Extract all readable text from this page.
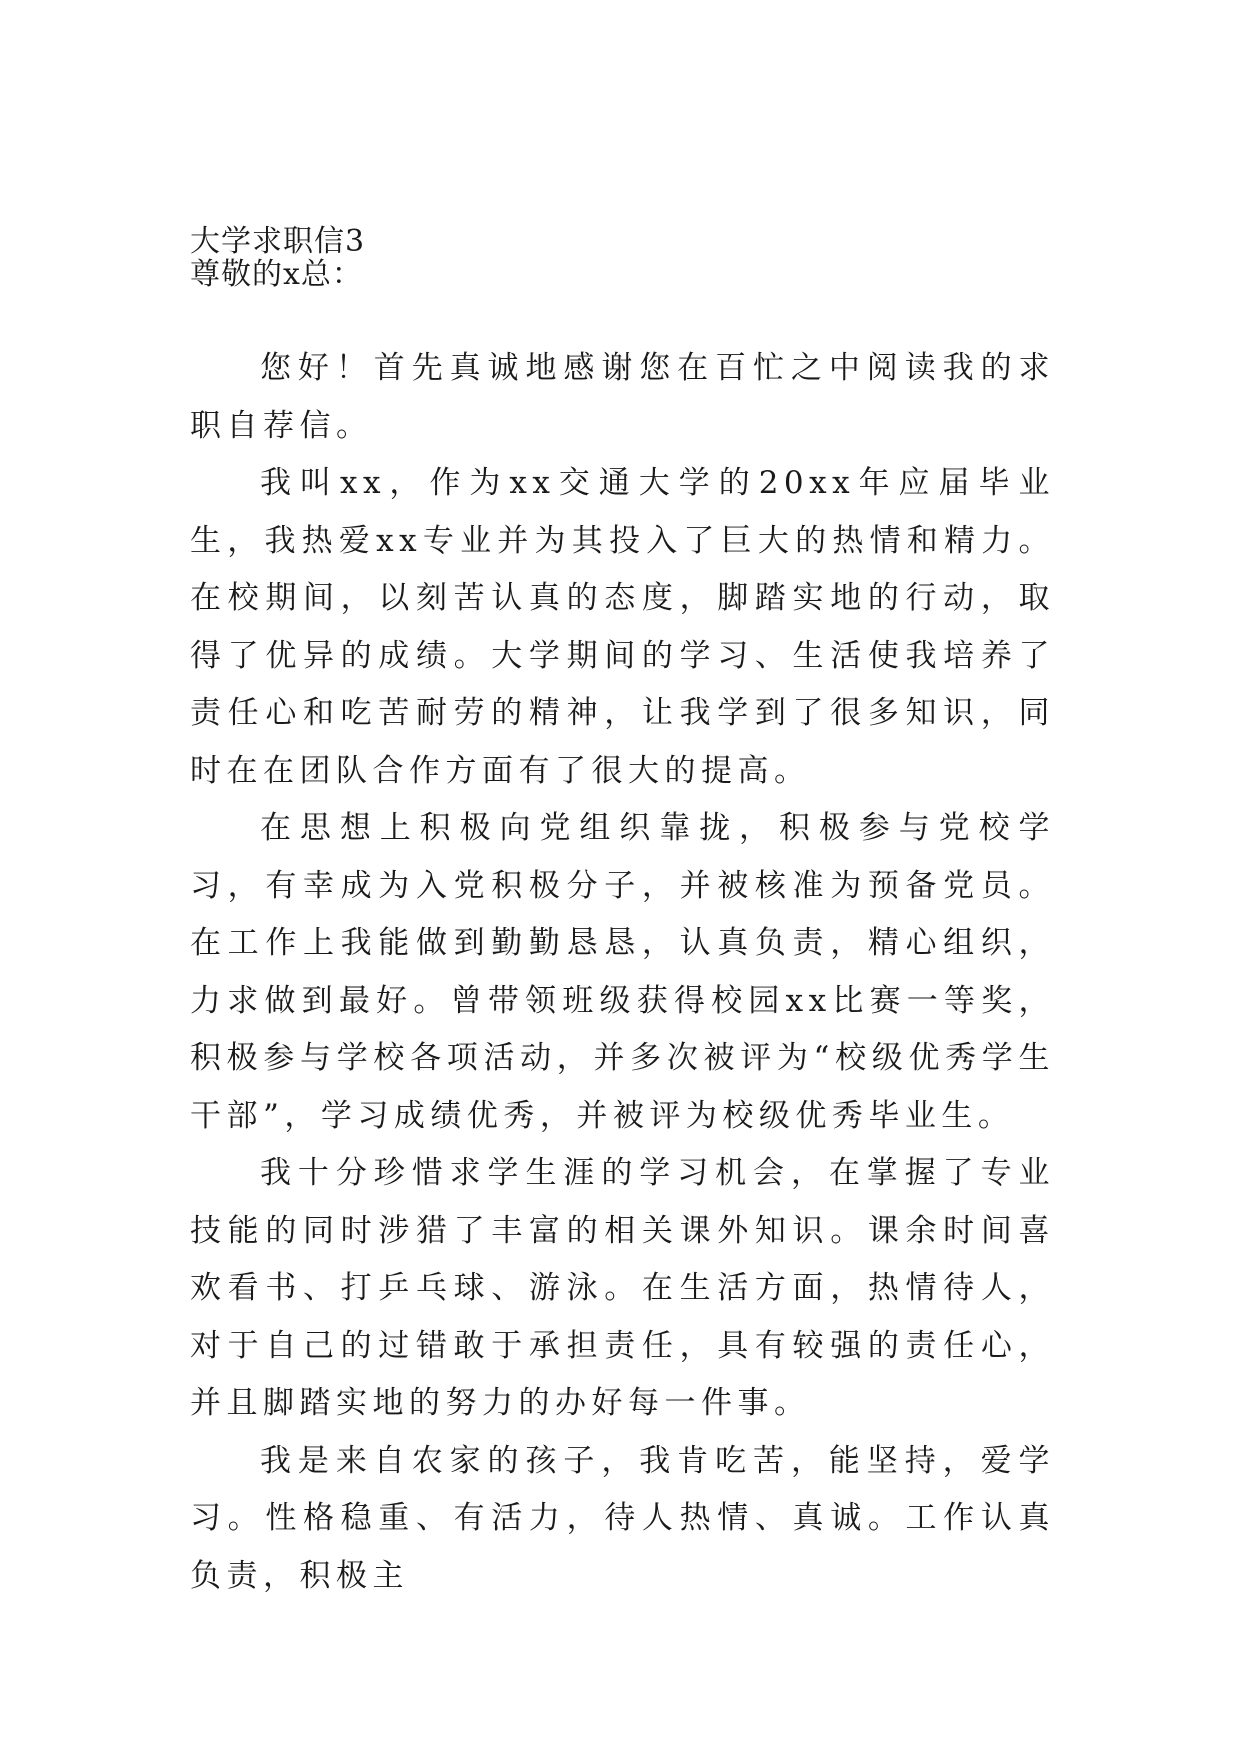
大学求职信3
尊敬的x总：

您好！首先真诚地感谢您在百忙之中阅读我的求职自荐信。

我叫xx，作为xx交通大学的20xx年应届毕业生，我热爱xx专业并为其投入了巨大的热情和精力。在校期间，以刻苦认真的态度，脚踏实地的行动，取得了优异的成绩。大学期间的学习、生活使我培养了责任心和吃苦耐劳的精神，让我学到了很多知识，同时在在团队合作方面有了很大的提高。

在思想上积极向党组织靠拢，积极参与党校学习，有幸成为入党积极分子，并被核准为预备党员。在工作上我能做到勤勤恳恳，认真负责，精心组织，力求做到最好。曾带领班级获得校园xx比赛一等奖，积极参与学校各项活动，并多次被评为“校级优秀学生干部”，学习成绩优秀，并被评为校级优秀毕业生。

我十分珍惜求学生涯的学习机会，在掌握了专业技能的同时涉猎了丰富的相关课外知识。课余时间喜欢看书、打乒乓球、游泳。在生活方面，热情待人，对于自己的过错敢于承担责任，具有较强的责任心，并且脚踏实地的努力的办好每一件事。

我是来自农家的孩子，我肯吃苦，能坚持，爱学习。性格稳重、有活力，待人热情、真诚。工作认真负责，积极主
